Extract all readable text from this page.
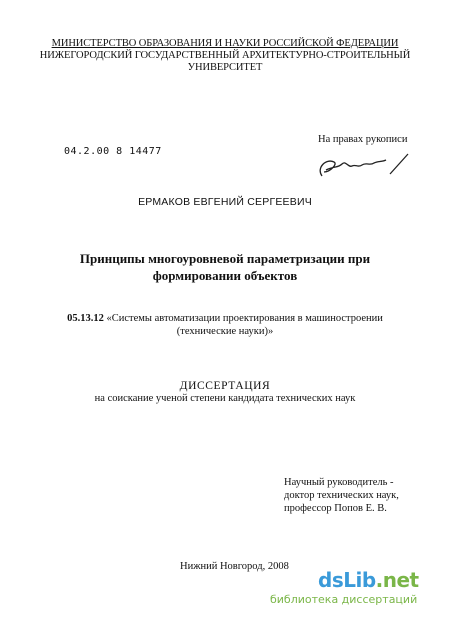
МИНИСТЕРСТВО ОБРАЗОВАНИЯ И НАУКИ РОССИЙСКОЙ ФЕДЕРАЦИИ
НИЖЕГОРОДСКИЙ ГОСУДАРСТВЕННЫЙ АРХИТЕКТУРНО-СТРОИТЕЛЬНЫЙ
УНИВЕРСИТЕТ
На правах рукописи
04.2.00 8 14477
ЕРМАКОВ ЕВГЕНИЙ СЕРГЕЕВИЧ
Принципы многоуровневой параметризации при
формировании объектов
05.13.12 «Системы автоматизации проектирования в машиностроении
(технические науки)»
ДИССЕРТАЦИЯ
на соискание ученой степени кандидата технических наук
Научный руководитель -
доктор технических наук,
профессор Попов Е. В.
Нижний Новгород, 2008
dsLib.net
библиотека диссертаций
